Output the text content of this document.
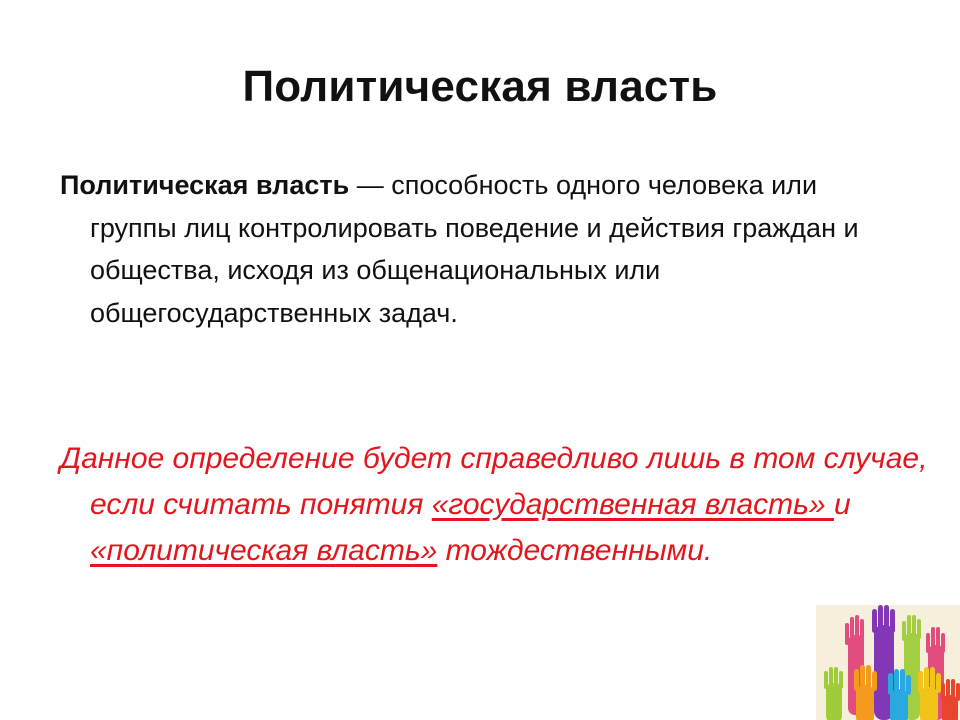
Политическая власть
Политическая власть — способность одного человека или группы лиц контролировать поведение и действия граждан и общества, исходя из общенациональных или общегосударственных задач.
Данное определение будет справедливо лишь в том случае, если считать понятия «государственная власть» и «политическая власть» тождественными.
